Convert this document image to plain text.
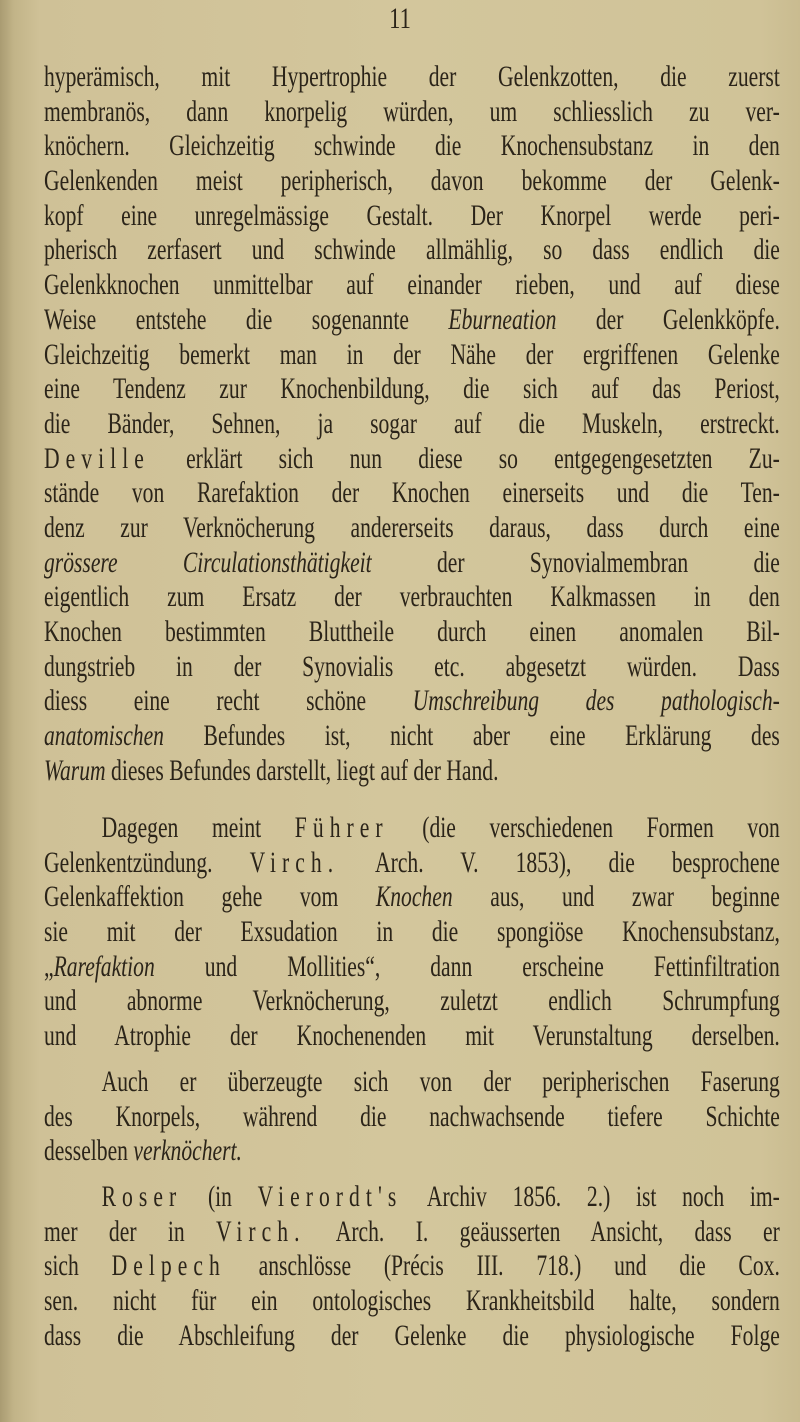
11
hyperämisch, mit Hypertrophie der Gelenkzotten, die zuerst
membranös, dann knorpelig würden, um schliesslich zu ver-
knöchern. Gleichzeitig schwinde die Knochensubstanz in den
Gelenkenden meist peripherisch, davon bekomme der Gelenk-
kopf eine unregelmässige Gestalt. Der Knorpel werde peri-
pherisch zerfasert und schwinde allmählig, so dass endlich die
Gelenkknochen unmittelbar auf einander rieben, und auf diese
Weise entstehe die sogenannte Eburneation der Gelenkköpfe.
Gleichzeitig bemerkt man in der Nähe der ergriffenen Gelenke
eine Tendenz zur Knochenbildung, die sich auf das Periost,
die Bänder, Sehnen, ja sogar auf die Muskeln, erstreckt.
Deville erklärt sich nun diese so entgegengesetzten Zu-
stände von Rarefaktion der Knochen einerseits und die Ten-
denz zur Verknöcherung andererseits daraus, dass durch eine
grössere Circulationsthätigkeit der Synovialmembran die
eigentlich zum Ersatz der verbrauchten Kalkmassen in den
Knochen bestimmten Bluttheile durch einen anomalen Bil-
dungstrieb in der Synovialis etc. abgesetzt würden. Dass
diess eine recht schöne Umschreibung des pathologisch-
anatomischen Befundes ist, nicht aber eine Erklärung des
Warum dieses Befundes darstellt, liegt auf der Hand.
Dagegen meint Führer (die verschiedenen Formen von
Gelenkentzündung. Virch. Arch. V. 1853), die besprochene
Gelenkaffektion gehe vom Knochen aus, und zwar beginne
sie mit der Exsudation in die spongiöse Knochensubstanz,
„Rarefaktion und Mollities“, dann erscheine Fettinfiltration
und abnorme Verknöcherung, zuletzt endlich Schrumpfung
und Atrophie der Knochenenden mit Verunstaltung derselben.
Auch er überzeugte sich von der peripherischen Faserung
des Knorpels, während die nachwachsende tiefere Schichte
desselben verknöchert.
Roser (in Vierordt's Archiv 1856. 2.) ist noch im-
mer der in Virch. Arch. I. geäusserten Ansicht, dass er
sich Delpech anschlösse (Précis III. 718.) und die Cox.
sen. nicht für ein ontologisches Krankheitsbild halte, sondern
dass die Abschleifung der Gelenke die physiologische Folge
